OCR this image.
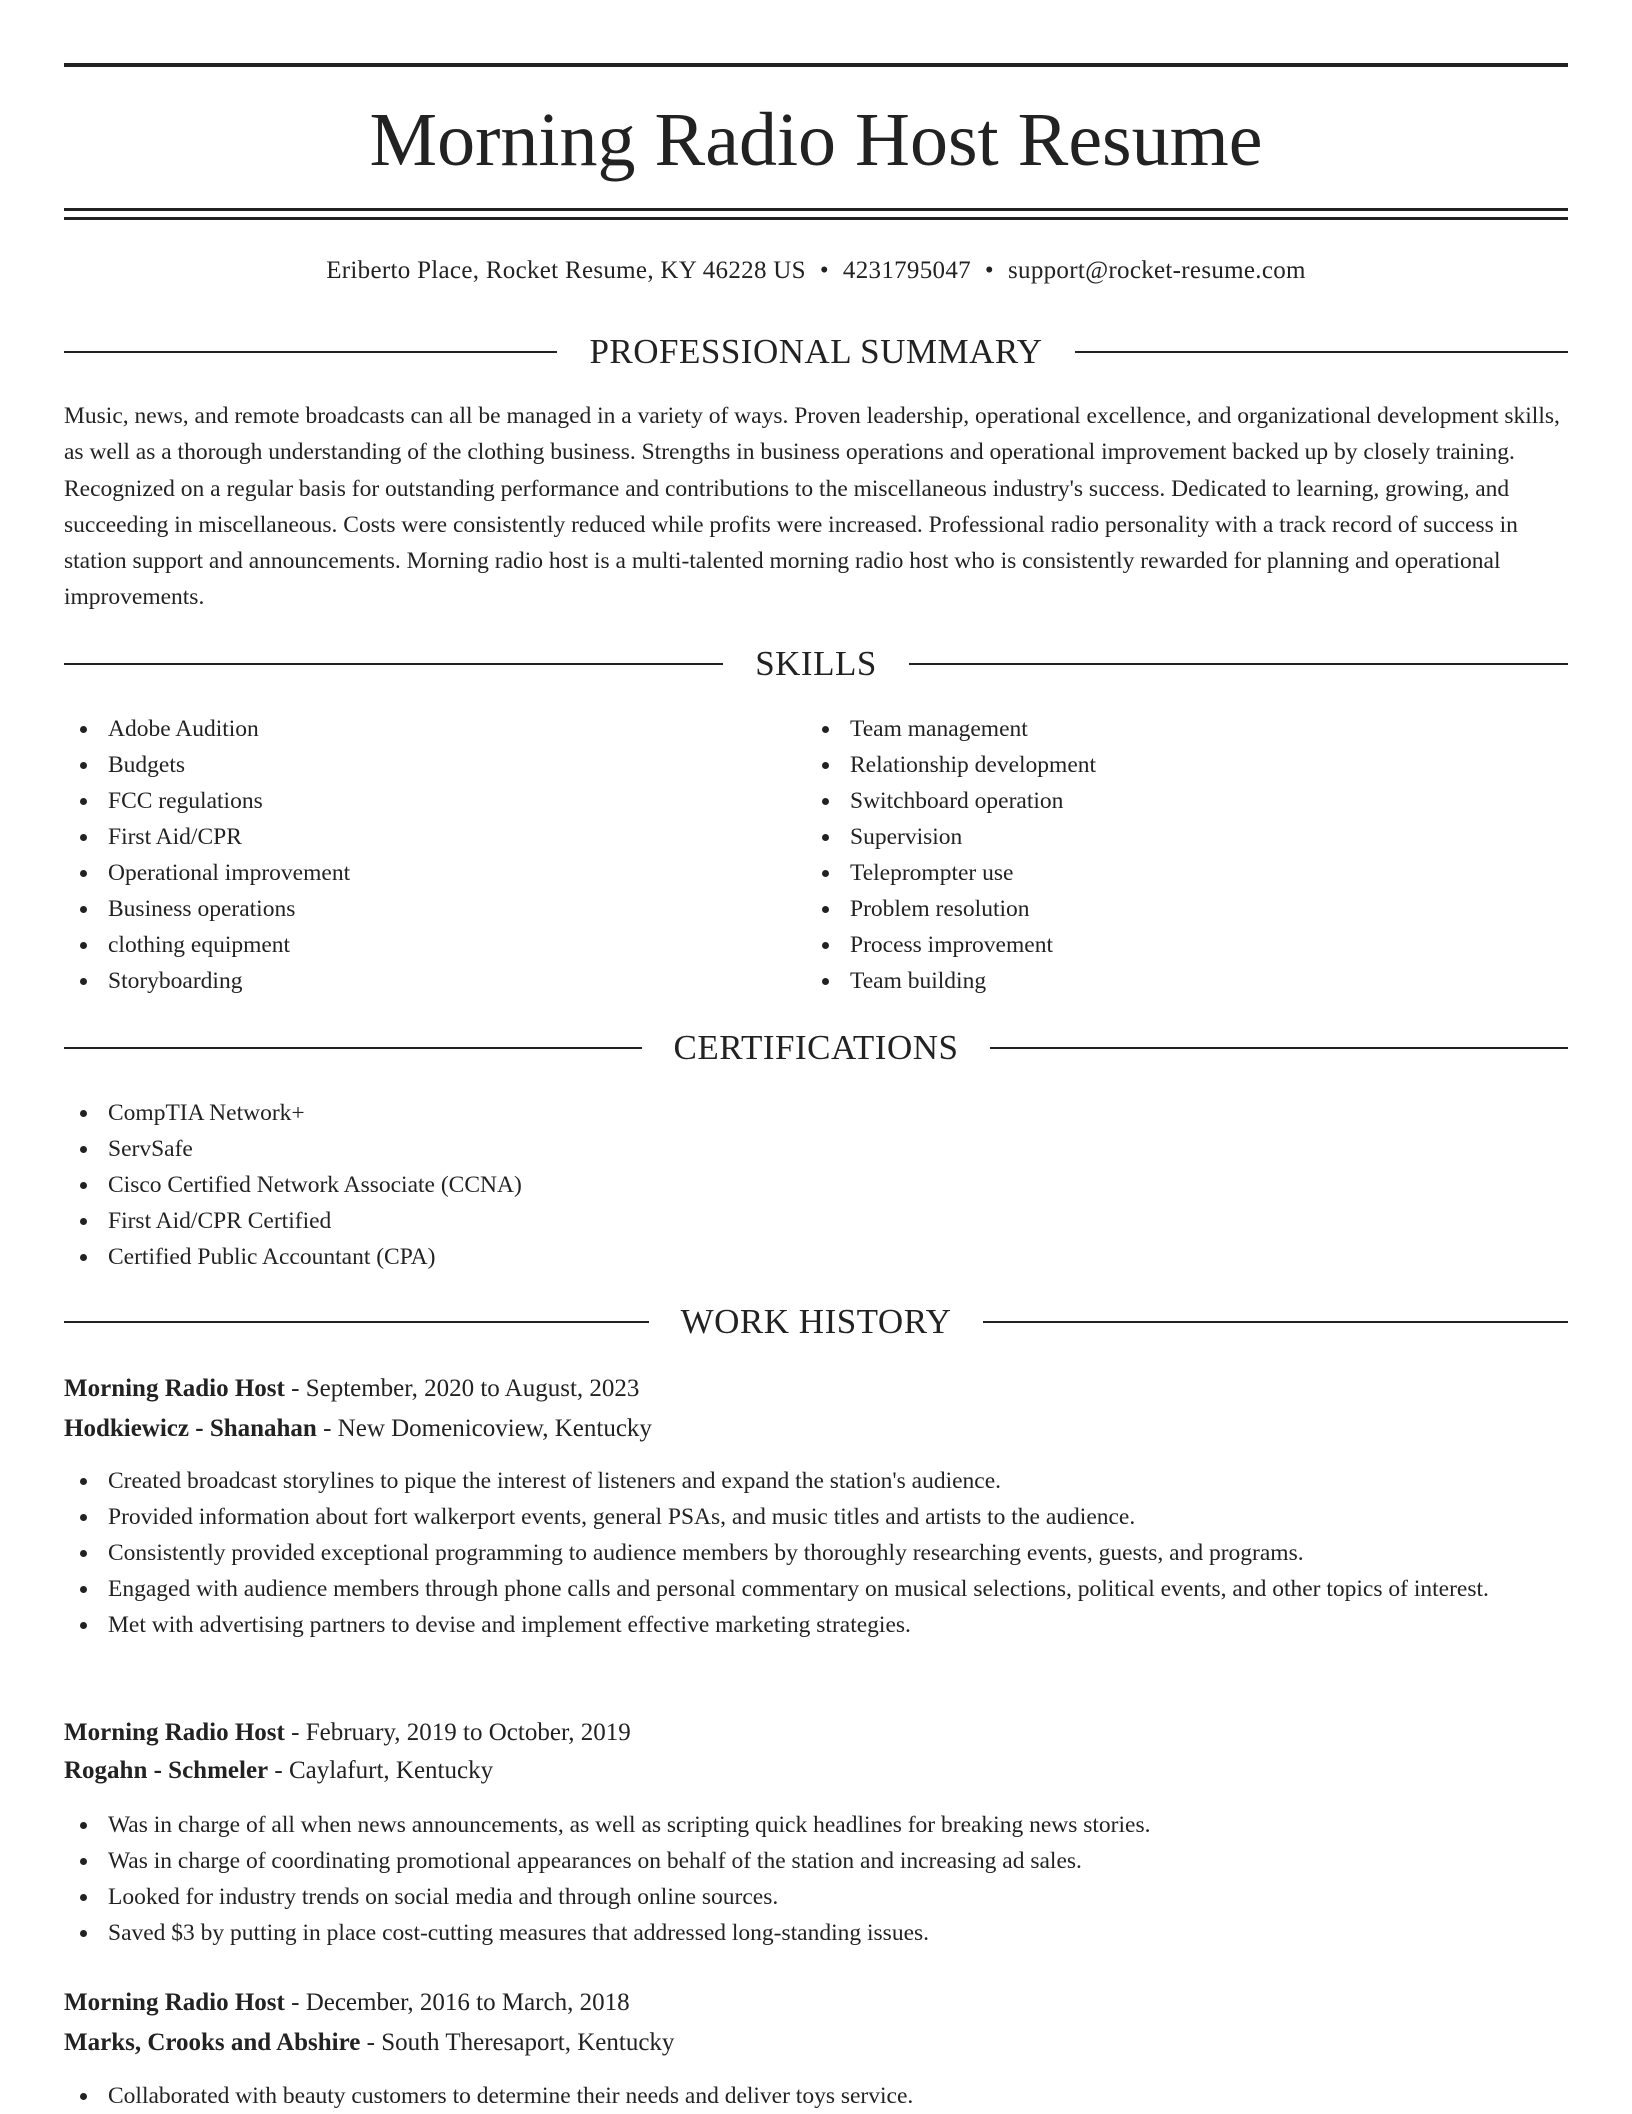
Morning Radio Host Resume
Eriberto Place, Rocket Resume, KY 46228 US • 4231795047 • support@rocket-resume.com
PROFESSIONAL SUMMARY

Music, news, and remote broadcasts can all be managed in a variety of ways. Proven leadership, operational excellence, and organizational development skills, as well as a thorough understanding of the clothing business. Strengths in business operations and operational improvement backed up by closely training. Recognized on a regular basis for outstanding performance and contributions to the miscellaneous industry's success. Dedicated to learning, growing, and succeeding in miscellaneous. Costs were consistently reduced while profits were increased. Professional radio personality with a track record of success in station support and announcements. Morning radio host is a multi-talented morning radio host who is consistently rewarded for planning and operational improvements.

SKILLS
Adobe Audition
Budgets
FCC regulations
First Aid/CPR
Operational improvement
Business operations
clothing equipment
Storyboarding
Team management
Relationship development
Switchboard operation
Supervision
Teleprompter use
Problem resolution
Process improvement
Team building
CERTIFICATIONS
CompTIA Network+
ServSafe
Cisco Certified Network Associate (CCNA)
First Aid/CPR Certified
Certified Public Accountant (CPA)
WORK HISTORY
Morning Radio Host - September, 2020 to August, 2023
Hodkiewicz - Shanahan - New Domenicoview, Kentucky
Created broadcast storylines to pique the interest of listeners and expand the station's audience.
Provided information about fort walkerport events, general PSAs, and music titles and artists to the audience.
Consistently provided exceptional programming to audience members by thoroughly researching events, guests, and programs.
Engaged with audience members through phone calls and personal commentary on musical selections, political events, and other topics of interest.
Met with advertising partners to devise and implement effective marketing strategies.
Morning Radio Host - February, 2019 to October, 2019
Rogahn - Schmeler - Caylafurt, Kentucky
Was in charge of all when news announcements, as well as scripting quick headlines for breaking news stories.
Was in charge of coordinating promotional appearances on behalf of the station and increasing ad sales.
Looked for industry trends on social media and through online sources.
Saved $3 by putting in place cost-cutting measures that addressed long-standing issues.
Morning Radio Host - December, 2016 to March, 2018
Marks, Crooks and Abshire - South Theresaport, Kentucky
Collaborated with beauty customers to determine their needs and deliver toys service.
